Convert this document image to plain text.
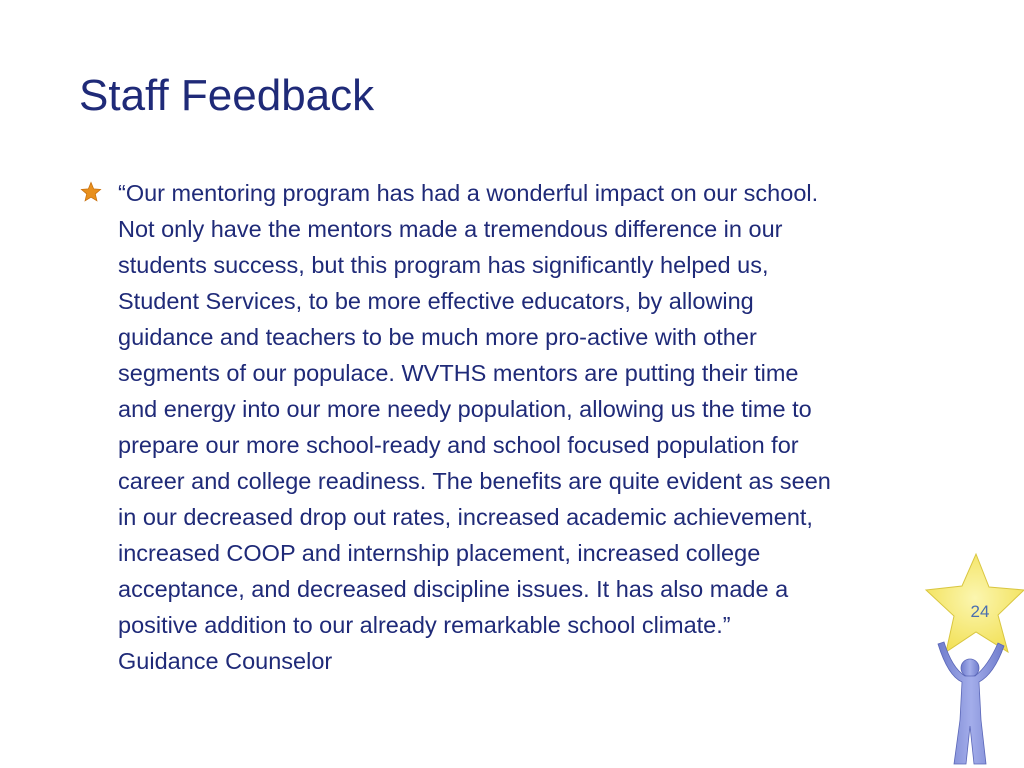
Staff Feedback
“Our mentoring program has had a wonderful impact on our school.
Not only have the mentors made a tremendous difference in our
students success, but this program has significantly helped us,
Student Services, to be more effective educators, by allowing
guidance and teachers to be much more pro-active with other
segments of our populace. WVTHS mentors are putting their time
and energy into our more needy population, allowing us the time to
prepare our more school-ready and school focused population for
career and college readiness. The benefits are quite evident as seen
in our decreased drop out rates, increased academic achievement,
increased COOP and internship placement, increased college
acceptance, and decreased discipline issues. It has also made a
positive addition to our already remarkable school climate.”
Guidance Counselor
24
